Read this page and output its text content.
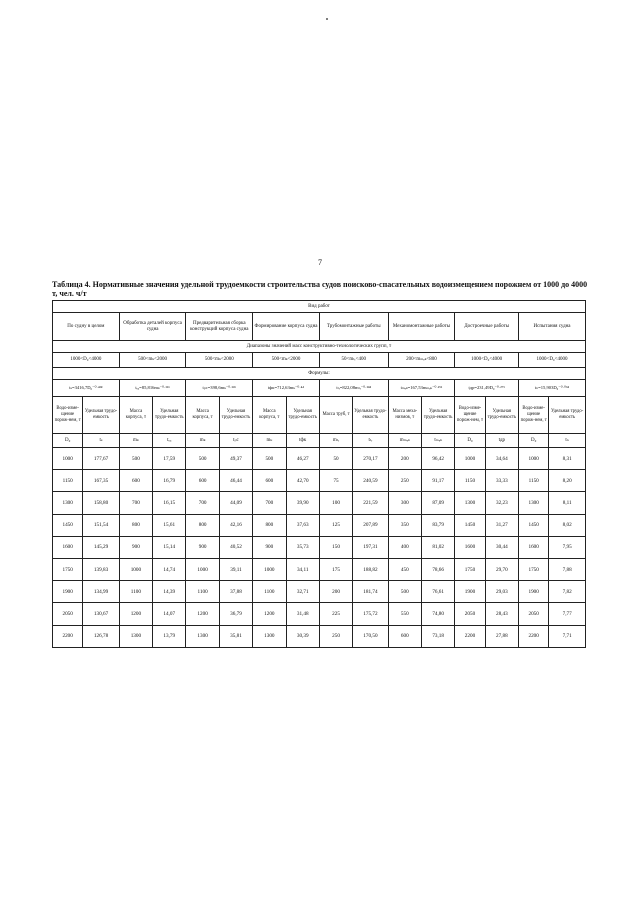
7
Таблица 4. Нормативные значения удельной трудоемкости строительства судов поисково-спасательных водоизмещением порожнем от 1000 до 4000 т, чел. ч/т
Вид работ															
По судну в целом		Обработка деталей корпуса судна		Предварительная сборка конструкций корпуса судна		Формирование корпуса судна		Трубомонтажные работы		Механомонтажные работы		Достроечные работы		Испытания судна	
Диапазоны значений масс конструктивно-технологических групп, т															
1000<D₀<4000		500<mₖ<2000		500<mₖ<2000		500<mₖ<2000		50<mₜᵣ<400		200<mₘₑₖ<800		1000<D₀<4000		1000<D₀<4000	
Формулы:															
tₛ=3416,7D₀⁻⁰·⁴²⁸		tₒₐ=85,816mₖ⁻⁰·³¹⁶		tₚc=398,6mₖ⁻⁰·³³⁶		tфк=712,63mₖ⁻⁰·⁴⁴		tₜᵣ=822,08mₜᵣ⁻⁰·²⁸⁴		tₘₑₖ=167,53mₘₑₖ⁻⁰·²⁵¹		tдр=231,49D₀⁻⁰·²⁷⁵		tₙ=15,903D₀⁻⁰·⁰⁹⁴	
Водо-изме-щение порож-нем, т	Удельная трудо-емкость	Масса корпуса, т	Удельная трудо-емкость	Масса корпуса, т	Удельная трудо-емкость	Масса корпуса, т	Удельная трудо-емкость	Масса труб, т	Удельная трудо-емкость	Масса меха-низмов, т	Удельная трудо-емкость	Водо-изме-щение порож-нем, т	Удельная трудо-емкость	Водо-изме-щение порож-нем, т	Удельная трудо-емкость
D₀	tₛ	mₖ	tₒₐ	mₖ	tₚc	mₖ	tфк	mₜᵣ	tₜᵣ	mₘₑₖ	tₘₑₖ	D₀	tдр	D₀	tₙ
1000	177,67	500	17,59	500	49,37	500	46,27	50	270,17	200	96,42	1000	34,64	1000	8,31
1150	167,35	600	16,79	600	46,44	600	42,70	75	240,59	250	91,17	1150	33,33	1150	8,20
1300	158,80	700	16,15	700	44,09	700	39,90	100	221,59	300	87,09	1300	32,23	1300	8,11
1450	151,54	800	15,61	800	42,16	800	37,63	125	207,89	350	83,79	1450	31,27	1450	8,02
1600	145,29	900	15,14	900	40,52	900	35,73	150	197,31	400	81,02	1600	30,44	1600	7,95
1750	139,83	1000	14,74	1000	39,11	1000	34,11	175	188,82	450	78,66	1750	29,70	1750	7,88
1900	134,99	1100	14,39	1100	37,88	1100	32,71	200	181,74	500	76,61	1900	29,03	1900	7,82
2050	130,67	1200	14,07	1200	36,79	1200	31,48	225	175,72	550	74,80	2050	28,43	2050	7,77
2200	126,78	1300	13,79	1300	35,81	1300	30,39	250	170,50	600	73,18	2200	27,88	2200	7,71
